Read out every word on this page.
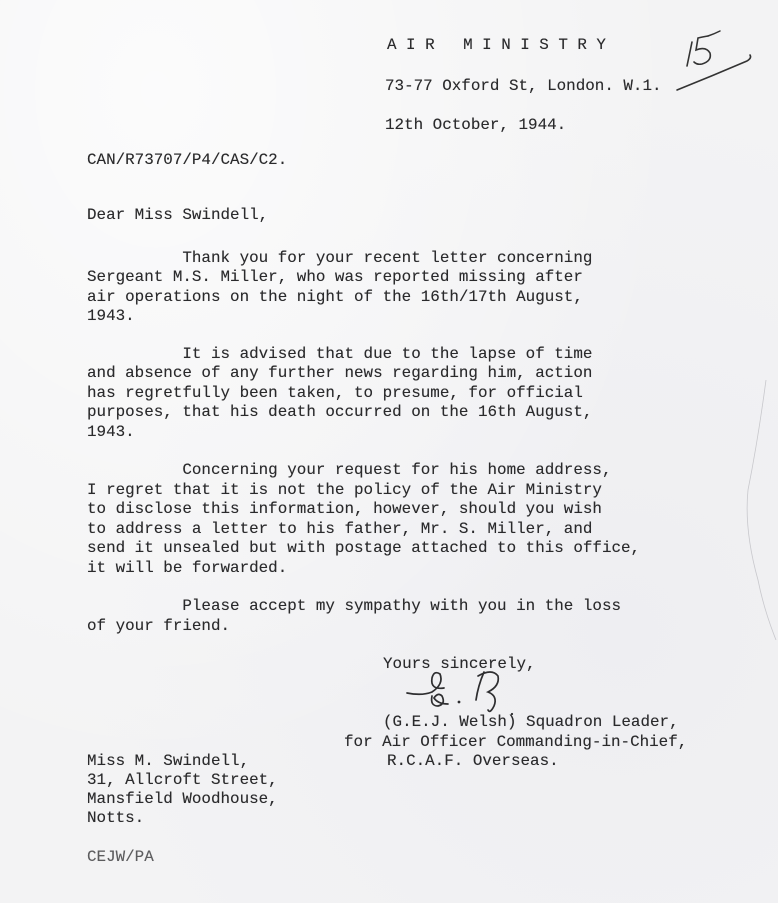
AIR MINISTRY
73-77 Oxford St, London. W.1.
12th October, 1944.
CAN/R73707/P4/CAS/C2.
Dear Miss Swindell,
Thank you for your recent letter concerning
Sergeant M.S. Miller, who was reported missing after
air operations on the night of the 16th/17th August,
1943.
It is advised that due to the lapse of time
and absence of any further news regarding him, action
has regretfully been taken, to presume, for official
purposes, that his death occurred on the 16th August,
1943.
Concerning your request for his home address,
I regret that it is not the policy of the Air Ministry
to disclose this information, however, should you wish
to address a letter to his father, Mr. S. Miller, and
send it unsealed but with postage attached to this office,
it will be forwarded.
Please accept my sympathy with you in the loss
of your friend.
Yours sincerely,
(G.E.J. Welsh) Squadron Leader,
for Air Officer Commanding-in-Chief,
R.C.A.F. Overseas.
Miss M. Swindell,
31, Allcroft Street,
Mansfield Woodhouse,
Notts.
CEJW/PA
